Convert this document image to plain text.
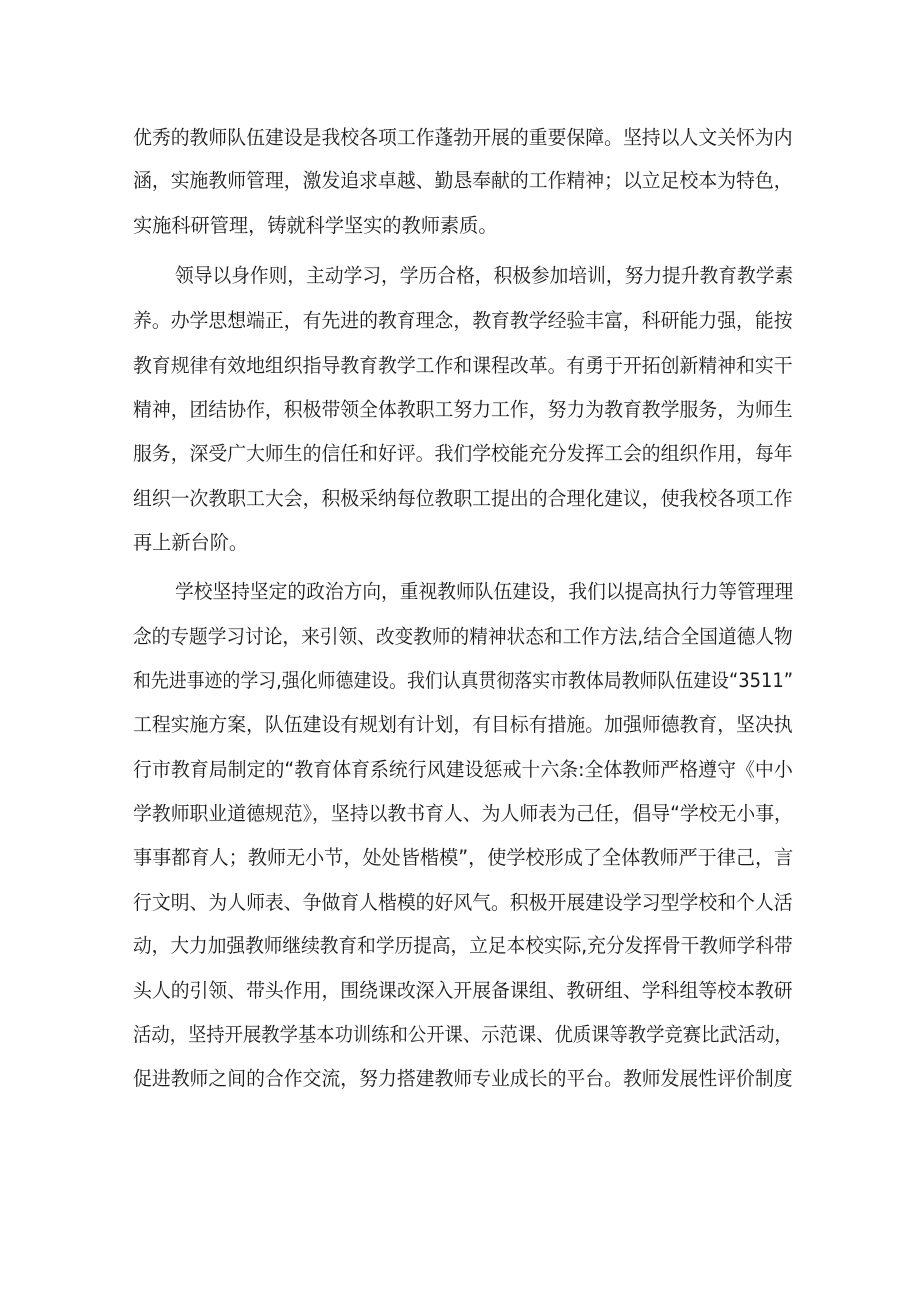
优秀的教师队伍建设是我校各项工作蓬勃开展的重要保障。坚持以人文关怀为内
涵，实施教师管理，激发追求卓越、勤恳奉献的工作精神；以立足校本为特色，
实施科研管理，铸就科学坚实的教师素质。
领导以身作则，主动学习，学历合格，积极参加培训，努力提升教育教学素
养。办学思想端正，有先进的教育理念，教育教学经验丰富，科研能力强，能按
教育规律有效地组织指导教育教学工作和课程改革。有勇于开拓创新精神和实干
精神，团结协作，积极带领全体教职工努力工作，努力为教育教学服务，为师生
服务，深受广大师生的信任和好评。我们学校能充分发挥工会的组织作用，每年
组织一次教职工大会，积极采纳每位教职工提出的合理化建议，使我校各项工作
再上新台阶。
学校坚持坚定的政治方向，重视教师队伍建设，我们以提高执行力等管理理
念的专题学习讨论，来引领、改变教师的精神状态和工作方法,结合全国道德人物
和先进事迹的学习,强化师德建设。我们认真贯彻落实市教体局教师队伍建设“3511”
工程实施方案，队伍建设有规划有计划，有目标有措施。加强师德教育，坚决执
行市教育局制定的“教育体育系统行风建设惩戒十六条:全体教师严格遵守《中小
学教师职业道德规范》，坚持以教书育人、为人师表为己任，倡导“学校无小事，
事事都育人；教师无小节，处处皆楷模”，使学校形成了全体教师严于律己，言
行文明、为人师表、争做育人楷模的好风气。积极开展建设学习型学校和个人活
动，大力加强教师继续教育和学历提高，立足本校实际,充分发挥骨干教师学科带
头人的引领、带头作用，围绕课改深入开展备课组、教研组、学科组等校本教研
活动，坚持开展教学基本功训练和公开课、示范课、优质课等教学竞赛比武活动，
促进教师之间的合作交流，努力搭建教师专业成长的平台。教师发展性评价制度
